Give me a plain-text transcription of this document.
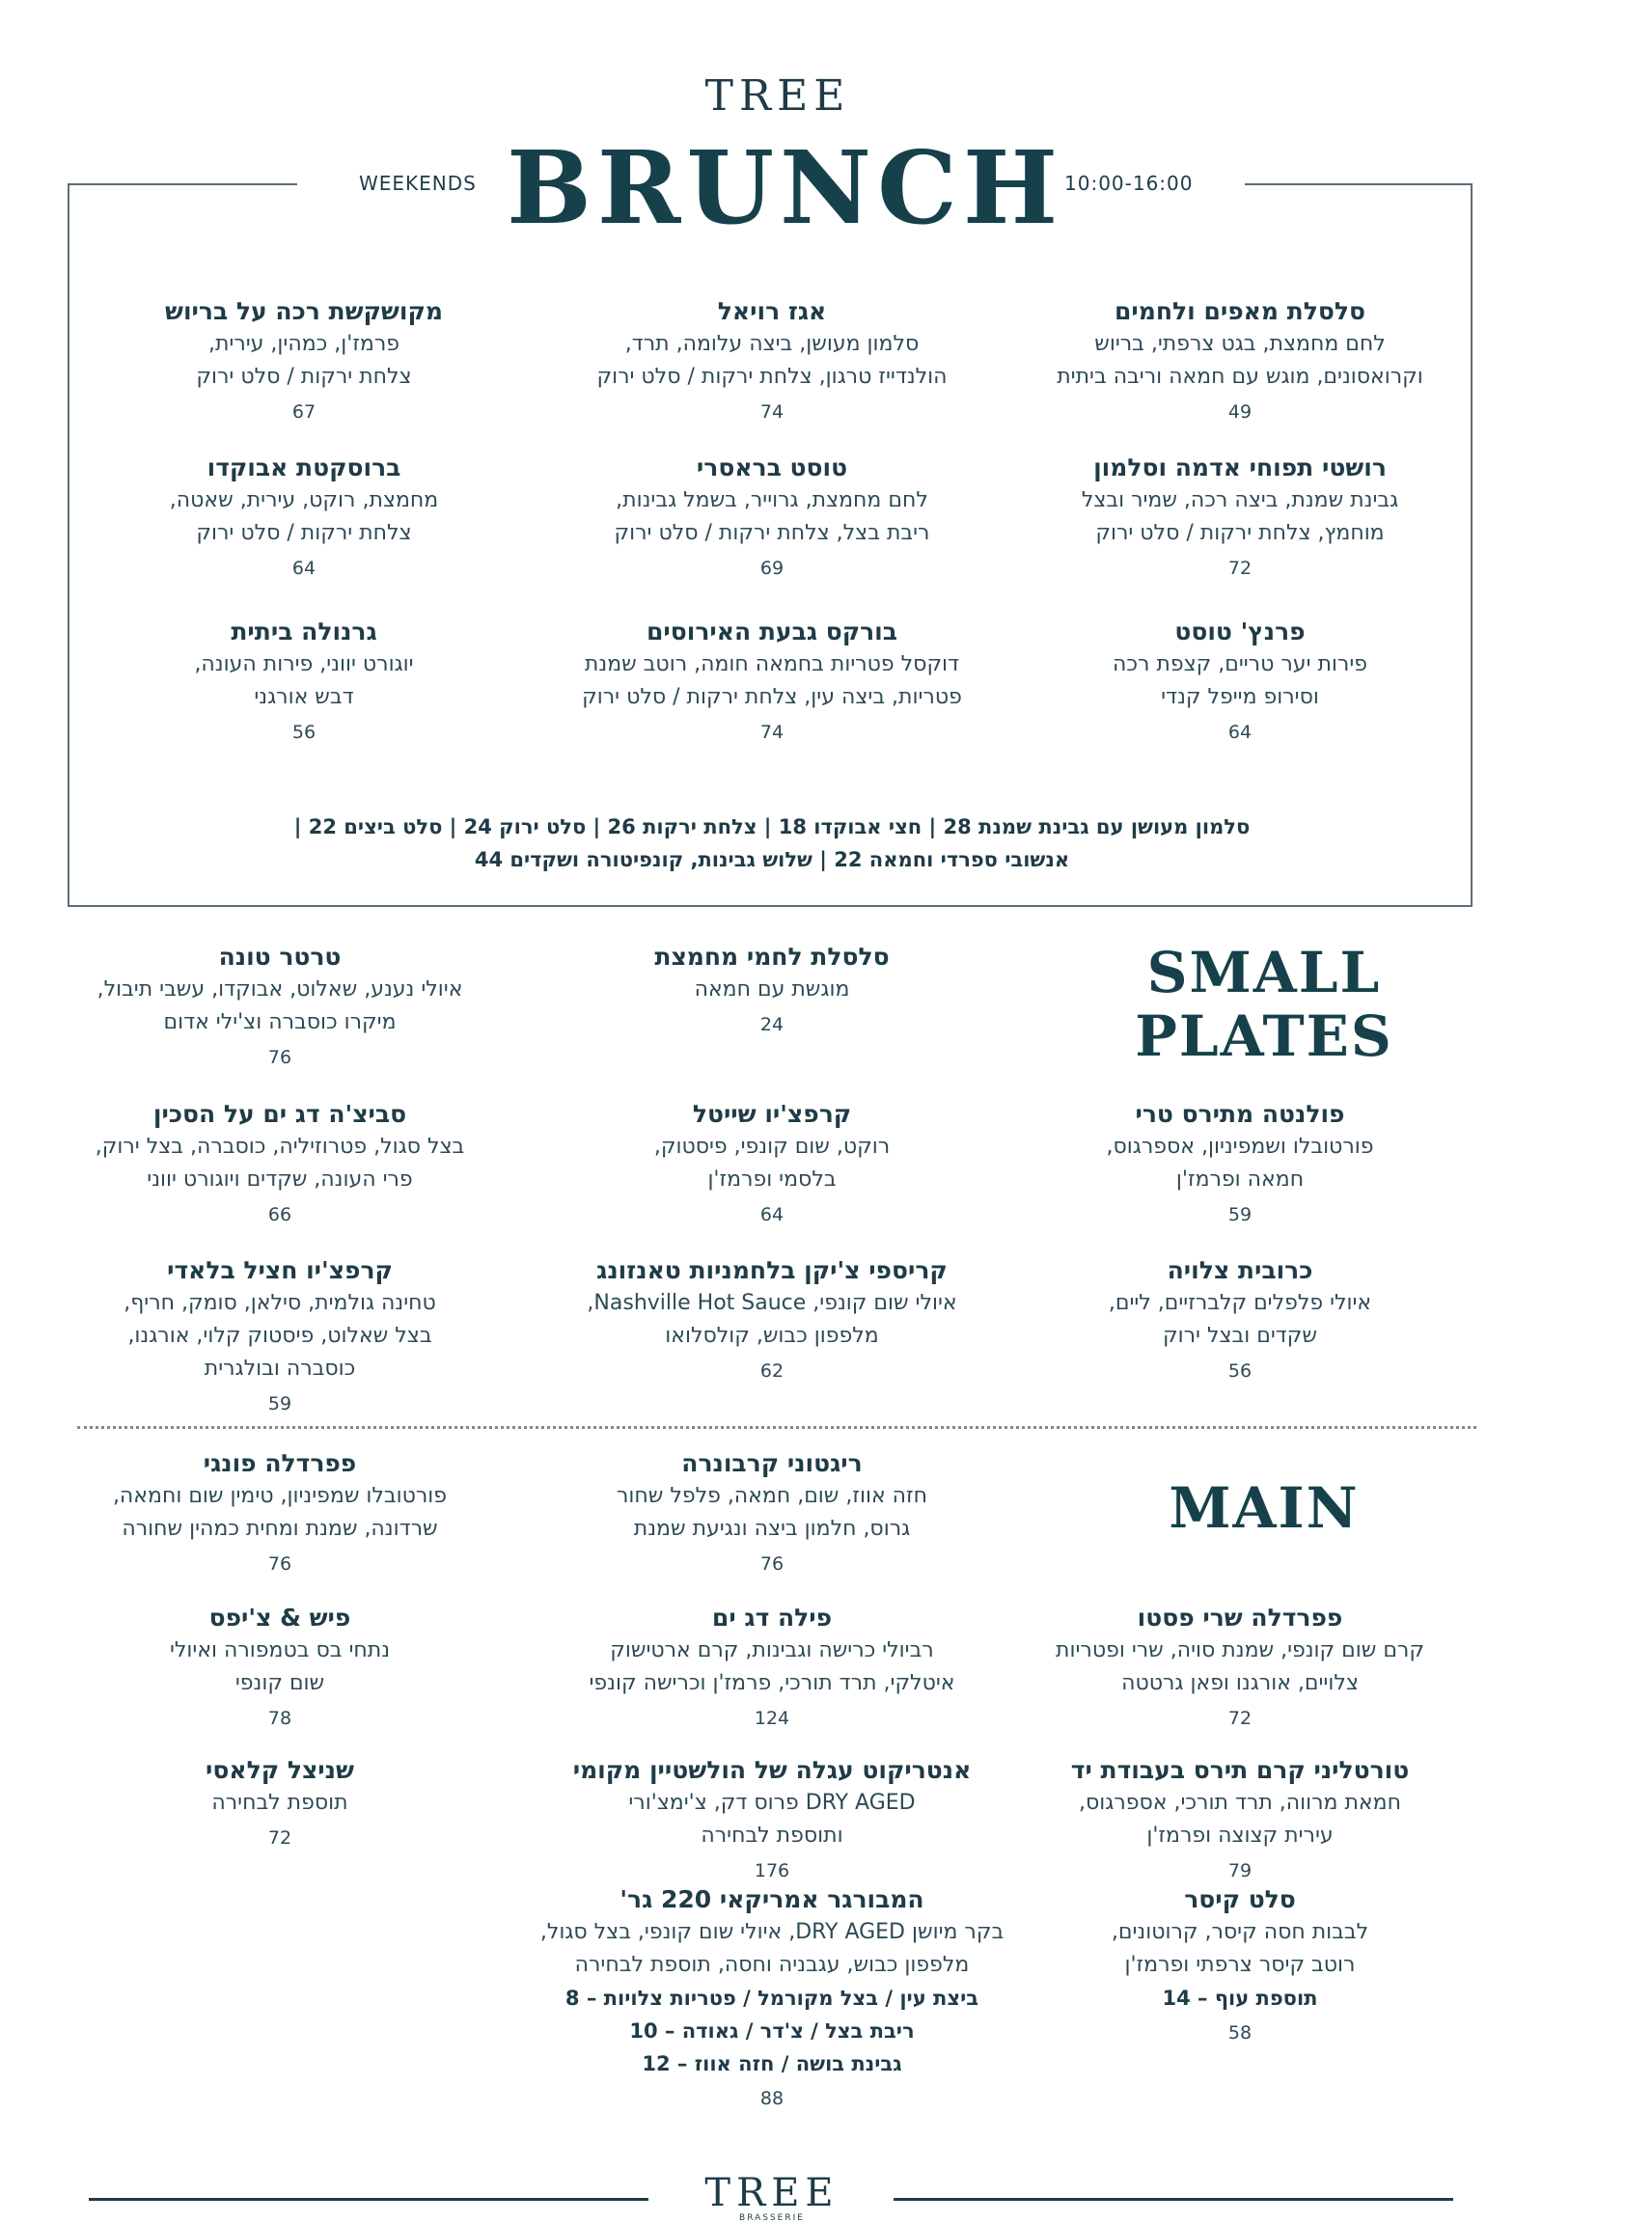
TREE
WEEKENDS BRUNCH 10:00-16:00
סלסלת מאפים ולחמים
לחם מחמצת, בגט צרפתי, בריוש
וקרואסונים, מוגש עם חמאה וריבה ביתית
49
אגז רויאל
סלמון מעושן, ביצה עלומה, תרד,
הולנדייז טרגון, צלחת ירקות / סלט ירוק
74
מקושקשת רכה על בריוש
פרמז'ן, כמהין, עירית,
צלחת ירקות / סלט ירוק
67
רושטי תפוחי אדמה וסלמון
גבינת שמנת, ביצה רכה, שמיר ובצל
מוחמץ, צלחת ירקות / סלט ירוק
72
טוסט בראסרי
לחם מחמצת, גרוייר, בשמל גבינות,
ריבת בצל, צלחת ירקות / סלט ירוק
69
ברוסקטת אבוקדו
מחמצת, רוקט, עירית, שאטה,
צלחת ירקות / סלט ירוק
64
פרנץ' טוסט
פירות יער טריים, קצפת רכה
וסירופ מייפל קנדי
64
בורקס גבעת האירוסים
דוקסל פטריות בחמאה חומה, רוטב שמנת
פטריות, ביצה עין, צלחת ירקות / סלט ירוק
74
גרנולה ביתית
יוגורט יווני, פירות העונה,
דבש אורגני
56
סלמון מעושן עם גבינת שמנת 28 | חצי אבוקדו 18 | צלחת ירקות 26 | סלט ירוק 24 | סלט ביצים 22 |
אנשובי ספרדי וחמאה 22 | שלוש גבינות, קונפיטורה ושקדים 44
SMALL
PLATES
סלסלת לחמי מחמצת
מוגשת עם חמאה
24
טרטר טונה
איולי נענע, שאלוט, אבוקדו, עשבי תיבול,
מיקרו כוסברה וצ'ילי אדום
76
פולנטה מתירס טרי
פורטובלו ושמפיניון, אספרגוס,
חמאה ופרמז'ן
59
קרפצ'יו שייטל
רוקט, שום קונפי, פיסטוק,
בלסמי ופרמז'ן
64
סביצ'ה דג ים על הסכין
בצל סגול, פטרוזיליה, כוסברה, בצל ירוק,
פרי העונה, שקדים ויוגורט יווני
66
כרובית צלויה
איולי פלפלים קלברזיים, ליים,
שקדים ובצל ירוק
56
קריספי צ'יקן בלחמניות טאנזונג
איולי שום קונפי, Nashville Hot Sauce,
מלפפון כבוש, קולסלואו
62
קרפצ'יו חציל בלאדי
טחינה גולמית, סילאן, סומק, חריף,
בצל שאלוט, פיסטוק קלוי, אורגנו,
כוסברה ובולגרית
59
MAIN
ריגטוני קרבונרה
חזה אווז, שום, חמאה, פלפל שחור
גרוס, חלמון ביצה ונגיעת שמנת
76
פפרדלה פונגי
פורטובלו שמפיניון, טימין שום וחמאה,
שרדונה, שמנת ומחית כמהין שחורה
76
פפרדלה שרי פסטו
קרם שום קונפי, שמנת סויה, שרי ופטריות
צלויים, אורגנו ופאן גרטטה
72
פילה דג ים
רביולי כרישה וגבינות, קרם ארטישוק
איטלקי, תרד תורכי, פרמז'ן וכרישה קונפי
124
פיש & צ'יפס
נתחי בס בטמפורה ואיולי
שום קונפי
78
טורטליני קרם תירס בעבודת יד
חמאת מרווה, תרד תורכי, אספרגוס,
עירית קצוצה ופרמז'ן
79
אנטריקוט עגלה של הולשטיין מקומי
DRY AGED פרוס דק, צ'ימצ'ורי
ותוספת לבחירה
176
שניצל קלאסי
תוספת לבחירה
72
סלט קיסר
לבבות חסה קיסר, קרוטונים,
רוטב קיסר צרפתי ופרמז'ן
תוספת עוף – 14
58
המבורגר אמריקאי 220 גר'
בקר מיושן DRY AGED, איולי שום קונפי, בצל סגול,
מלפפון כבוש, עגבניה וחסה, תוספת לבחירה
ביצת עין / בצל מקורמל / פטריות צלויות – 8
ריבת בצל / צ'דר / גאודה – 10
גבינת בושה / חזה אווז – 12
88
TREE
BRASSERIE
